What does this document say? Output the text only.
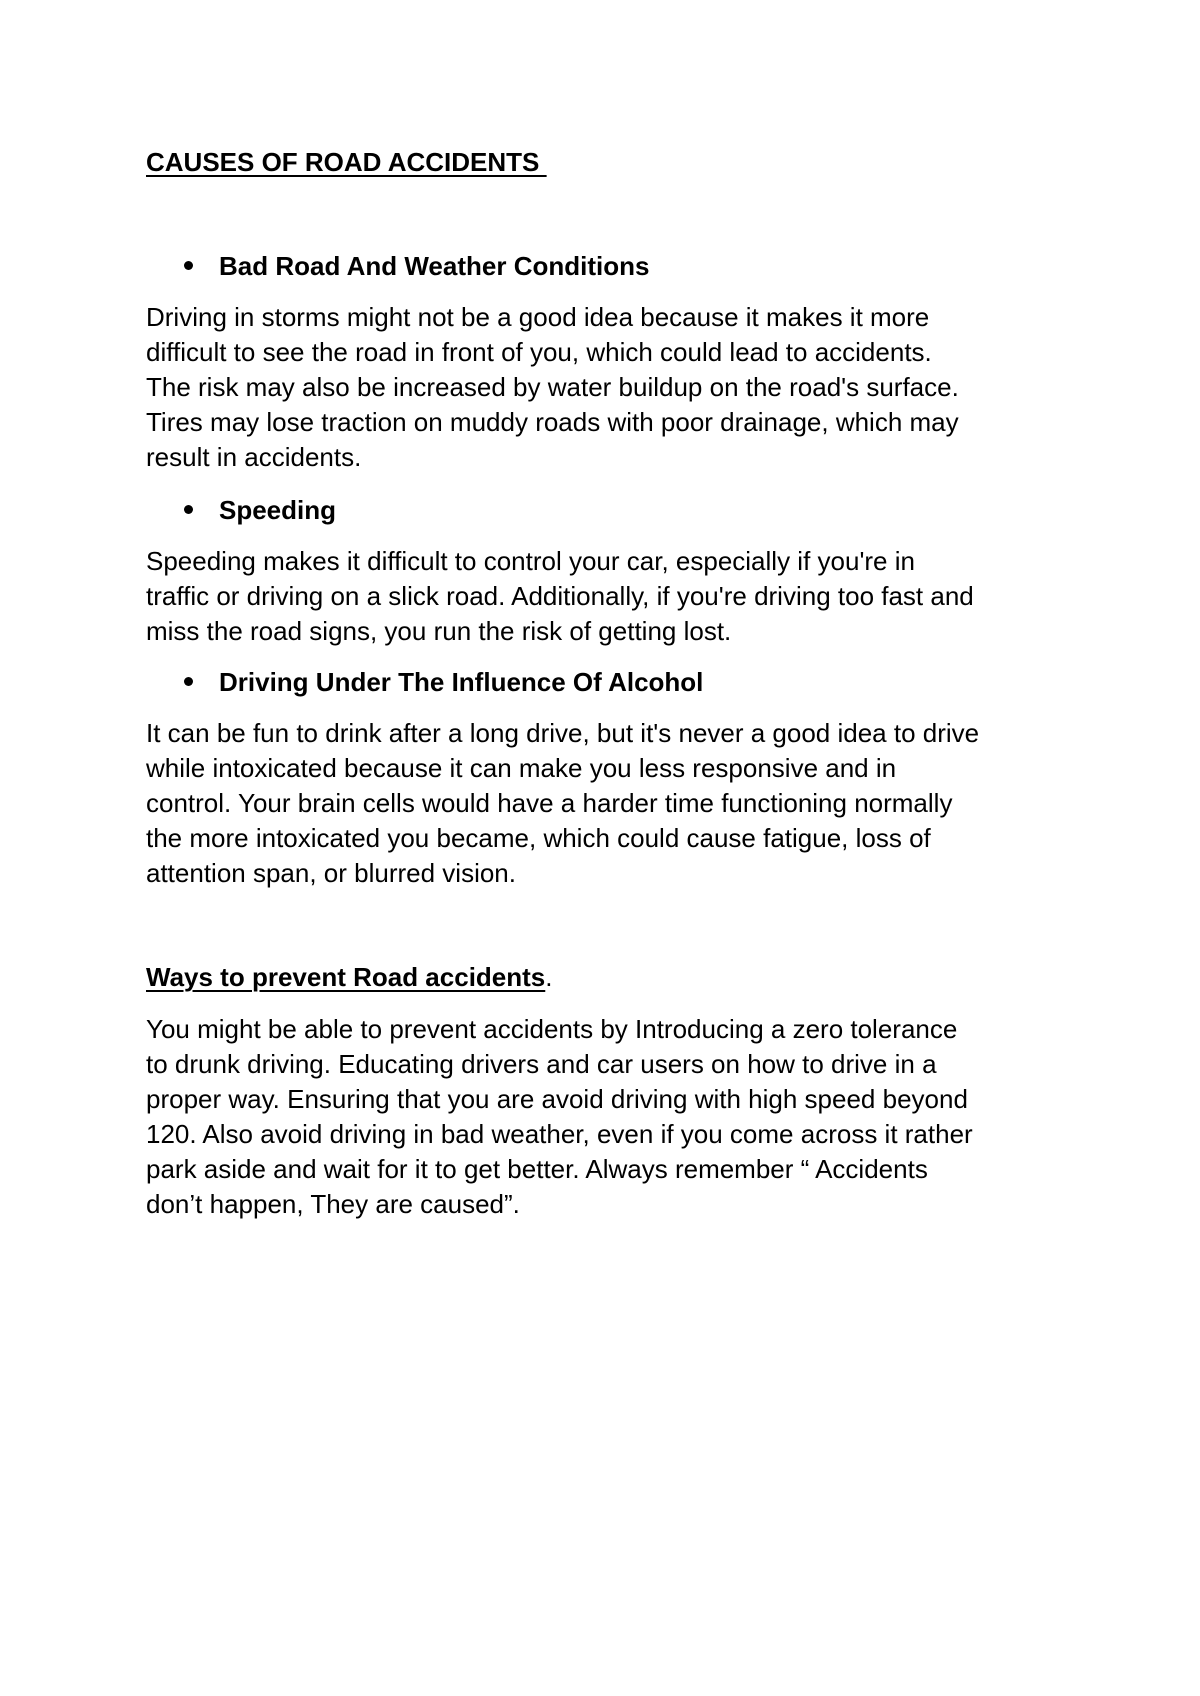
CAUSES OF ROAD ACCIDENTS
Bad Road And Weather Conditions
Driving in storms might not be a good idea because it makes it more
difficult to see the road in front of you, which could lead to accidents.
The risk may also be increased by water buildup on the road's surface.
Tires may lose traction on muddy roads with poor drainage, which may
result in accidents.
Speeding
Speeding makes it difficult to control your car, especially if you're in
traffic or driving on a slick road. Additionally, if you're driving too fast and
miss the road signs, you run the risk of getting lost.
Driving Under The Influence Of Alcohol
It can be fun to drink after a long drive, but it's never a good idea to drive
while intoxicated because it can make you less responsive and in
control. Your brain cells would have a harder time functioning normally
the more intoxicated you became, which could cause fatigue, loss of
attention span, or blurred vision.
Ways to prevent Road accidents.
You might be able to prevent accidents by Introducing a zero tolerance
to drunk driving. Educating drivers and car users on how to drive in a
proper way. Ensuring that you are avoid driving with high speed beyond
120. Also avoid driving in bad weather, even if you come across it rather
park aside and wait for it to get better. Always remember “ Accidents
don’t happen, They are caused”.
